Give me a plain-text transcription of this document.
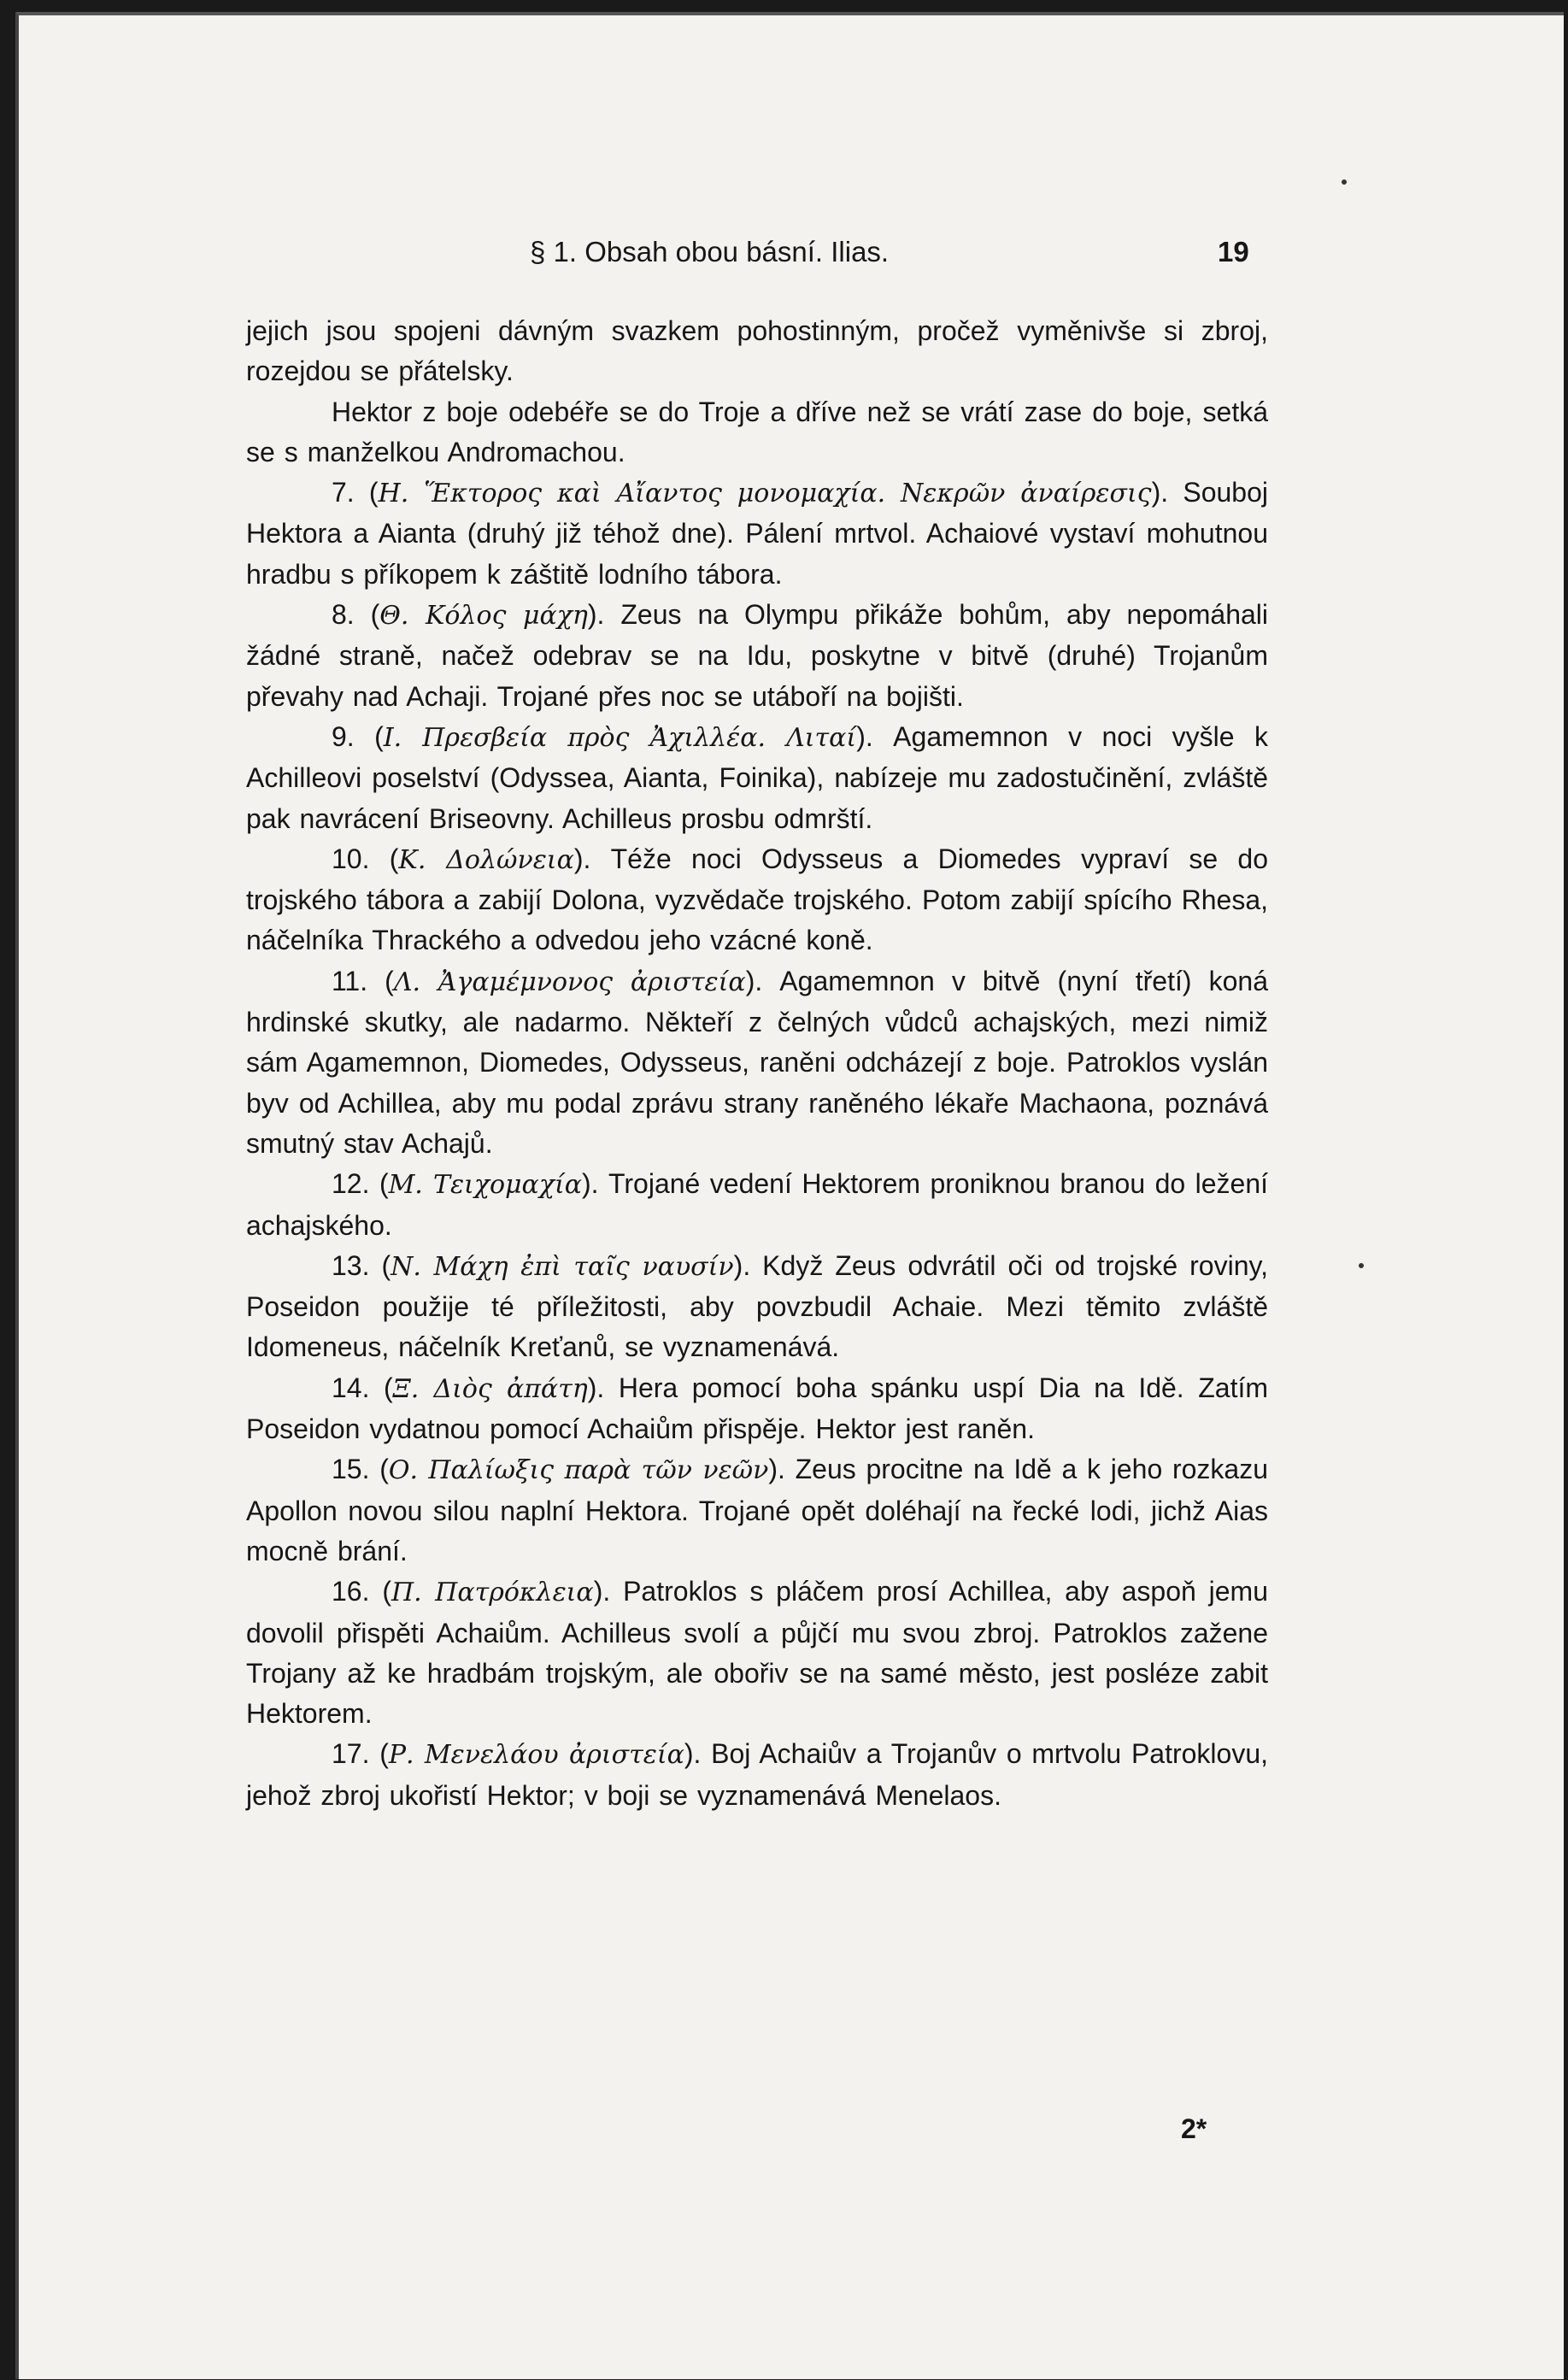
§ 1. Obsah obou básní. Ilias.	19

jejich jsou spojeni dávným svazkem pohostinným, pročež vyměnivše si zbroj, rozejdou se přátelsky.

Hektor z boje odebéře se do Troje a dříve než se vrátí zase do boje, setká se s manželkou Andromachou.

7. (Η. Ἕκτορος καὶ Αἴαντος μονομαχία. Νεκρῶν ἀναίρεσις). Souboj Hektora a Aianta (druhý již téhož dne). Pálení mrtvol. Achaiové vystaví mohutnou hradbu s příkopem k záštitě lodního tábora.

8. (Θ. Κόλος μάχη). Zeus na Olympu přikáže bohům, aby nepomáhali žádné straně, načež odebrav se na Idu, poskytne v bitvě (druhé) Trojanům převahy nad Achaji. Trojané přes noc se utáboří na bojišti.

9. (Ι. Πρεσβεία πρὸς Ἀχιλλέα. Λιταί). Agamemnon v noci vyšle k Achilleovi poselství (Odyssea, Aianta, Foinika), nabízeje mu zadostučinění, zvláště pak navrácení Briseovny. Achilleus prosbu odmrští.

10. (Κ. Δολώνεια). Téže noci Odysseus a Diomedes vypraví se do trojského tábora a zabijí Dolona, vyzvědače trojského. Potom zabijí spícího Rhesa, náčelníka Thrackého a odvedou jeho vzácné koně.

11. (Λ. Ἀγαμέμνονος ἀριστεία). Agamemnon v bitvě (nyní třetí) koná hrdinské skutky, ale nadarmo. Někteří z čelných vůdců achajských, mezi nimiž sám Agamemnon, Diomedes, Odysseus, raněni odcházejí z boje. Patroklos vyslán byv od Achillea, aby mu podal zprávu strany raněného lékaře Machaona, poznává smutný stav Achajů.

12. (Μ. Τειχομαχία). Trojané vedení Hektorem proniknou branou do ležení achajského.

13. (Ν. Μάχη ἐπὶ ταῖς ναυσίν). Když Zeus odvrátil oči od trojské roviny, Poseidon použije té příležitosti, aby povzbudil Achaie. Mezi těmito zvláště Idomeneus, náčelník Kreťanů, se vyznamenává.

14. (Ξ. Διὸς ἀπάτη). Hera pomocí boha spánku uspí Dia na Idě. Zatím Poseidon vydatnou pomocí Achaiům přispěje. Hektor jest raněn.

15. (Ο. Παλίωξις παρὰ τῶν νεῶν). Zeus procitne na Idě a k jeho rozkazu Apollon novou silou naplní Hektora. Trojané opět doléhají na řecké lodi, jichž Aias mocně brání.

16. (Π. Πατρόκλεια). Patroklos s pláčem prosí Achillea, aby aspoň jemu dovolil přispěti Achaiům. Achilleus svolí a půjčí mu svou zbroj. Patroklos zažene Trojany až ke hradbám trojským, ale obořiv se na samé město, jest posléze zabit Hektorem.

17. (Ρ. Μενελάου ἀριστεία). Boj Achaiův a Trojanův o mrtvolu Patroklovu, jehož zbroj ukořistí Hektor; v boji se vyznamenává Menelaos.

2*
